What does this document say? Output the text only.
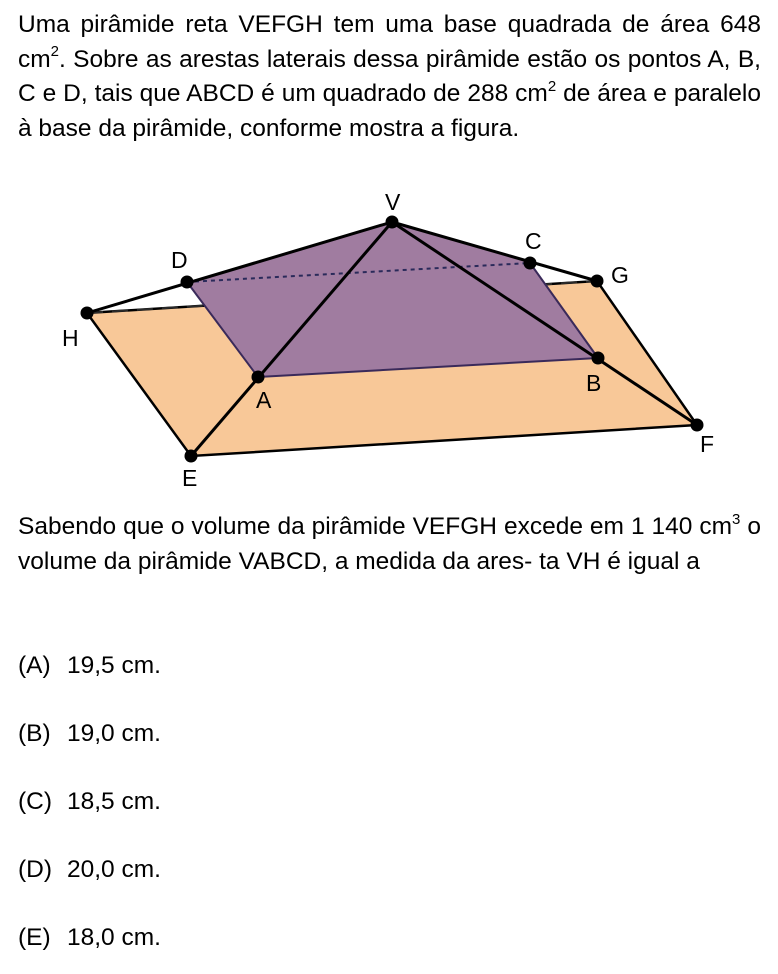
Uma pirâmide reta VEFGH tem uma base quadrada de área 648 $cm^2$. Sobre as arestas laterais dessa pirâmide estão os pontos A, B, C e D, tais que ABCD é um quadrado de 288 $cm^2$ de área e paralelo à base da pirâmide, conforme mostra a figura.
V
C
D
G
H
A
B
E
F
Sabendo que o volume da pirâmide VEFGH excede em 1 140 $cm^3$ o volume da pirâmide VABCD, a medida da ares- ta VH é igual a
(A) 19,5 cm.
(B) 19,0 cm.
(C) 18,5 cm.
(D) 20,0 cm.
(E) 18,0 cm.
